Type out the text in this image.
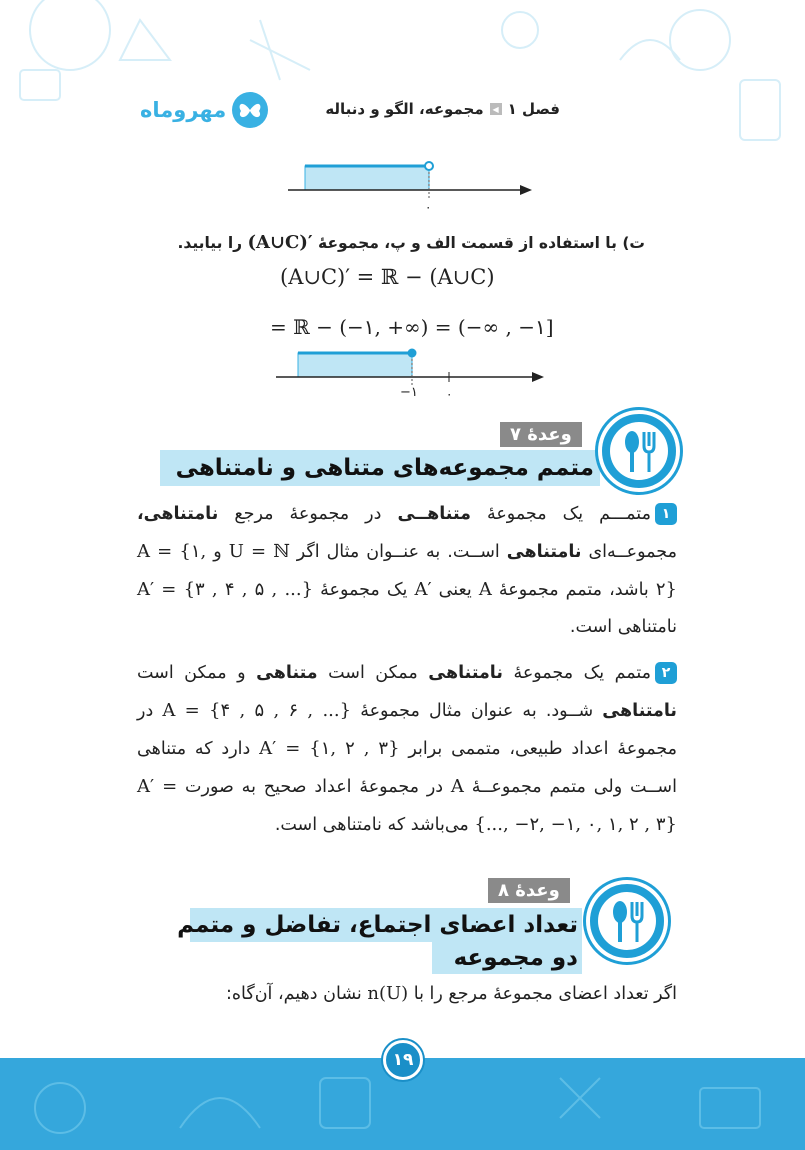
مهروماه	فصل ۱
◀
مجموعه، الگو و دنباله
۰
ت) با استفاده از قسمت الف و پ، مجموعهٔ (A∪C)′ را بیابید.
(A∪C)′ = ℝ − (A∪C)
= ℝ − (−۱, +∞) = (−∞ , −۱]
−۱ ۰
وعدهٔ ۷
متمم مجموعه‌های متناهی و نامتناهی
۱متمـــم یک مجموعهٔ متناهــی در مجموعهٔ مرجع نامتناهی، مجموعــه‌ای نامتناهی اســت. به عنــوان مثال اگر U = ℕ و A = {۱, ۲} باشد، متمم مجموعهٔ A یعنی A′ یک مجموعهٔ A′ = {۳ , ۴ , ۵ , ...} نامتناهی است.
۲متمم یک مجموعهٔ نامتناهی ممکن است متناهی و ممکن است نامتناهی شــود. به عنوان مثال مجموعهٔ A = {۴ , ۵ , ۶ , ...} در مجموعهٔ اعداد طبیعی، متممی برابر A′ = {۱, ۲ , ۳} دارد که متناهی اســت ولی متمم مجموعــهٔ A در مجموعهٔ اعداد صحیح به صورت A′ = {..., −۲, −۱, ۰, ۱, ۲ , ۳} می‌باشد که نامتناهی است.
وعدهٔ ۸
تعداد اعضای اجتماع، تفاضل و متمم
دو مجموعه
اگر تعداد اعضای مجموعهٔ مرجع را با n(U) نشان دهیم، آن‌گاه:
۱۹
